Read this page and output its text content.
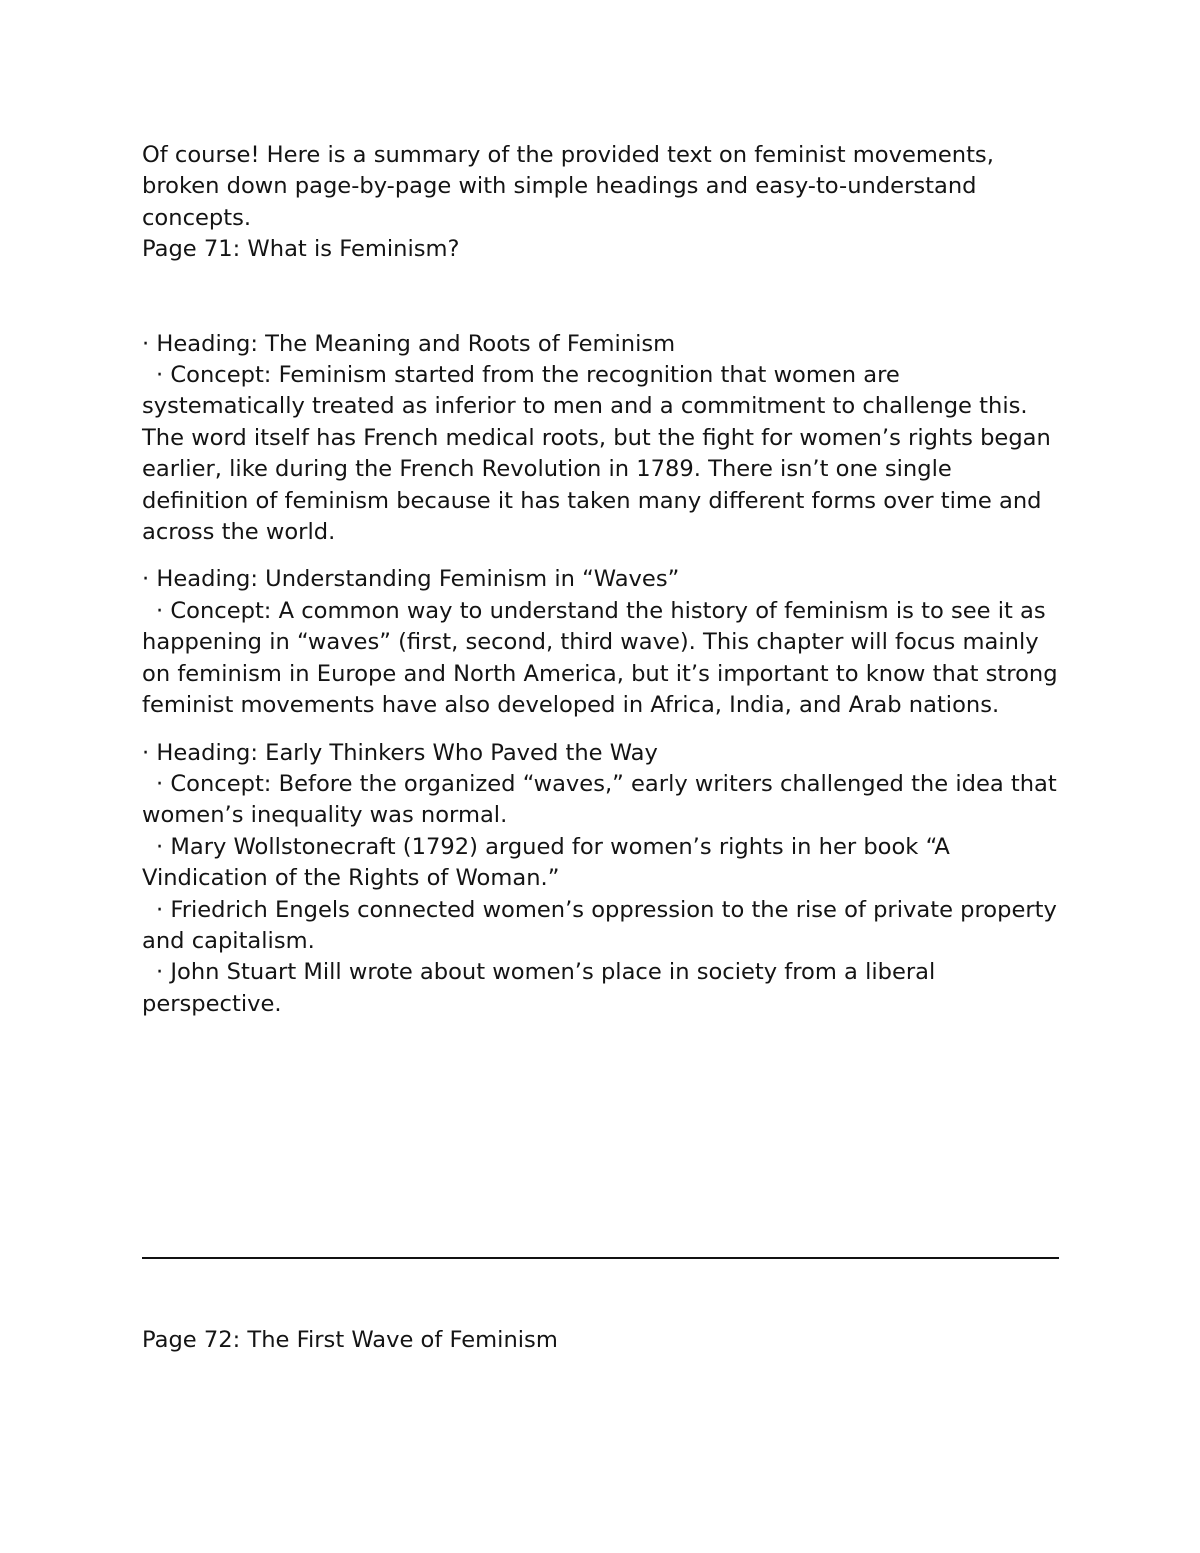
Of course! Here is a summary of the provided text on feminist movements, broken down page-by-page with simple headings and easy-to-understand concepts.

Page 71: What is Feminism?

· Heading: The Meaning and Roots of Feminism

· Concept: Feminism started from the recognition that women are systematically treated as inferior to men and a commitment to challenge this. The word itself has French medical roots, but the fight for women’s rights began earlier, like during the French Revolution in 1789. There isn’t one single definition of feminism because it has taken many different forms over time and across the world.

· Heading: Understanding Feminism in “Waves”

· Concept: A common way to understand the history of feminism is to see it as happening in “waves” (first, second, third wave). This chapter will focus mainly on feminism in Europe and North America, but it’s important to know that strong feminist movements have also developed in Africa, India, and Arab nations.

· Heading: Early Thinkers Who Paved the Way

· Concept: Before the organized “waves,” early writers challenged the idea that women’s inequality was normal.

· Mary Wollstonecraft (1792) argued for women’s rights in her book “A Vindication of the Rights of Woman.”

· Friedrich Engels connected women’s oppression to the rise of private property and capitalism.

· John Stuart Mill wrote about women’s place in society from a liberal perspective.

Page 72: The First Wave of Feminism
